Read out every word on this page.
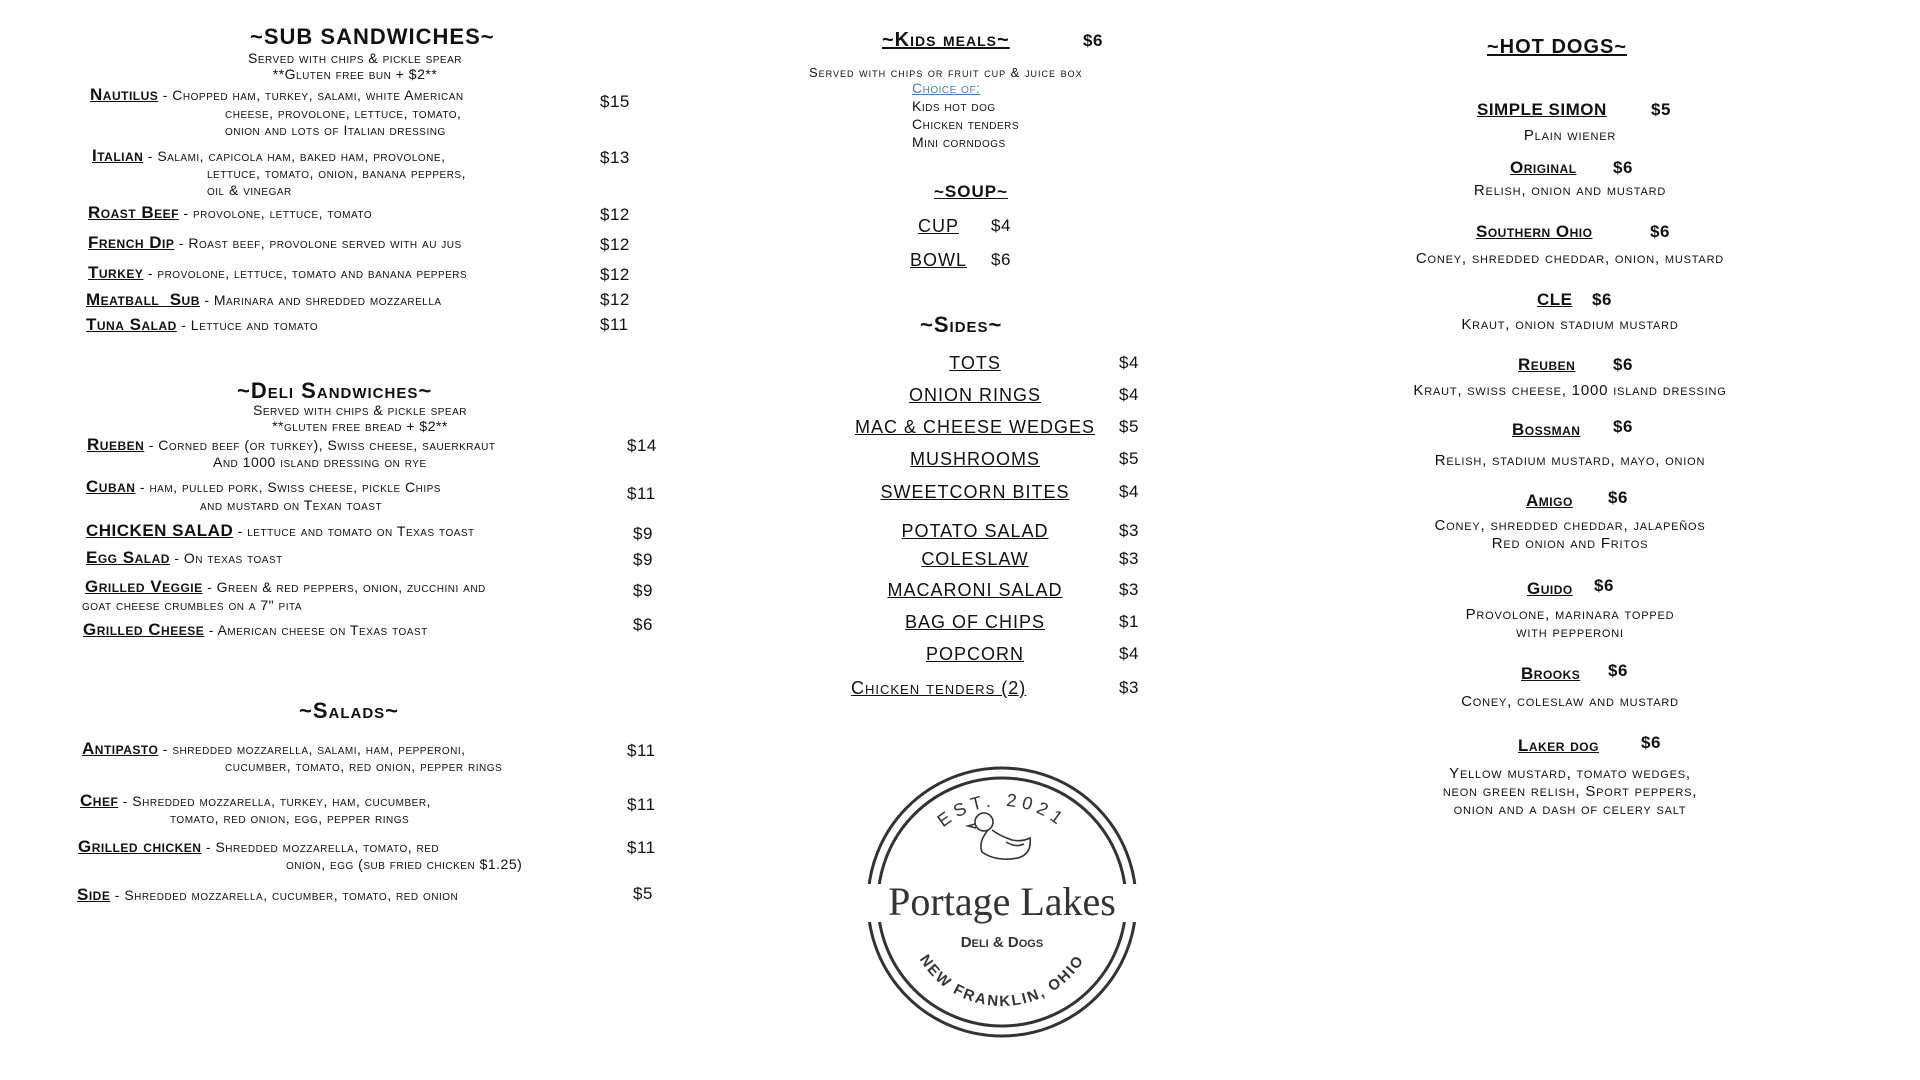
~SUB SANDWICHES~
Served with chips & pickle spear
**Gluten free bun + $2**
Nautilus - Chopped ham, turkey, salami, white American
cheese, provolone, lettuce, tomato,
onion and lots of Italian dressing
$15
Italian - Salami, capicola ham, baked ham, provolone,
lettuce, tomato, onion, banana peppers,
oil & vinegar
$13
Roast Beef - provolone, lettuce, tomato	$12
French Dip - Roast beef, provolone served with au jus	$12
Turkey - provolone, lettuce, tomato and banana peppers	$12
Meatball  Sub - Marinara and shredded mozzarella	$12
Tuna Salad - Lettuce and tomato	$11
~Deli Sandwiches~
Served with chips & pickle spear
**gluten free bread + $2**
Rueben - Corned beef (or turkey), Swiss cheese, sauerkraut
And 1000 island dressing on rye
$14
Cuban - ham, pulled pork, Swiss cheese, pickle Chips
and mustard on Texan toast
$11
CHICKEN SALAD - lettuce and tomato on Texas toast	$9
Egg Salad - On texas toast	$9
Grilled Veggie - Green & red peppers, onion, zucchini and
goat cheese crumbles on a 7" pita
$9
Grilled Cheese - American cheese on Texas toast	$6
~Salads~
Antipasto - shredded mozzarella, salami, ham, pepperoni,
cucumber, tomato, red onion, pepper rings
$11
Chef - Shredded mozzarella, turkey, ham, cucumber,
tomato, red onion, egg, pepper rings
$11
Grilled chicken - Shredded mozzarella, tomato, red
onion, egg (sub fried chicken $1.25)
$11
Side - Shredded mozzarella, cucumber, tomato, red onion	$5
~Kids meals~	$6
Served with chips or fruit cup & juice box
Choice of:
Kids hot dog
Chicken tenders
Mini corndogs
~SOUP~
CUP $4
BOWL $6
~Sides~
TOTS	$4
ONION RINGS	$4
MAC & CHEESE WEDGES	$5
MUSHROOMS	$5
SWEETCORN BITES	$4
POTATO SALAD	$3
COLESLAW	$3
MACARONI SALAD	$3
BAG OF CHIPS	$1
POPCORN	$4
Chicken tenders (2)	$3
EST. 2021
Portage Lakes
Deli & Dogs
NEW FRANKLIN, OHIO
~HOT DOGS~
SIMPLE SIMON	$5
Plain wiener
Original $6
Relish, onion and mustard
Southern Ohio	$6
Coney, shredded cheddar, onion, mustard
CLE $6
Kraut, onion stadium mustard
Reuben $6
Kraut, swiss cheese, 1000 island dressing
Bossman $6
Relish, stadium mustard, mayo, onion
Amigo $6
Coney, shredded cheddar, jalapeños
Red onion and Fritos
Guido $6
Provolone, marinara topped
with pepperoni
Brooks $6
Coney, coleslaw and mustard
Laker dog $6
Yellow mustard, tomato wedges,
neon green relish, Sport peppers,
onion and a dash of celery salt
